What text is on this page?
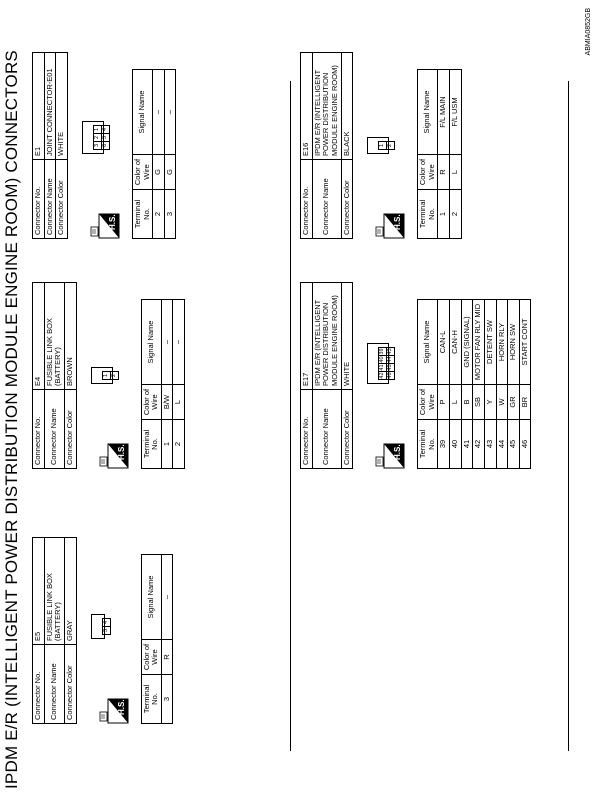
IPDM E/R (INTELLIGENT POWER DISTRIBUTION MODULE ENGINE ROOM) CONNECTORS Connector No.	E1
Connector Name	JOINT CONNECTOR-E01
Connector Color	WHITE
H.S.
321
654
Terminal No.	Color of Wire	Signal Name
2	G	–
3	G	–
Connector No.	E4
Connector Name	FUSIBLE LINK BOX (BATTERY)
Connector Color	BROWN
H.S.
1 2
Terminal No.	Color of Wire	Signal Name
1	B/W	–
2	L	–
Connector No.	E5
Connector Name	FUSIBLE LINK BOX (BATTERY)
Connector Color	GRAY
H.S.
34
Terminal No.	Color of Wire	Signal Name
3	R	–
Connector No.	E16
Connector Name	IPDM E/R (INTELLIGENT POWER DISTRIBUTION MODULE ENGINE ROOM)
Connector Color	BLACK
H.S.
1 2
Terminal No.	Color of Wire	Signal Name
1	R	F/L MAIN
2	L	F/L USM
Connector No.	E17
Connector Name	IPDM E/R (INTELLIGENT POWER DISTRIBUTION MODULE ENGINE ROOM)
Connector Color	WHITE
H.S.
42414039
46454443
Terminal No.	Color of Wire	Signal Name
39	P	CAN-L
40	L	CAN-H
41	B	GND (SIGNAL)
42	SB	MOTOR FAN RLY MID
43	Y	DETENT SW
44	W	HORN RLY
45	GR	HORN SW
46	BR	START CONT
ABMIA0852GB
